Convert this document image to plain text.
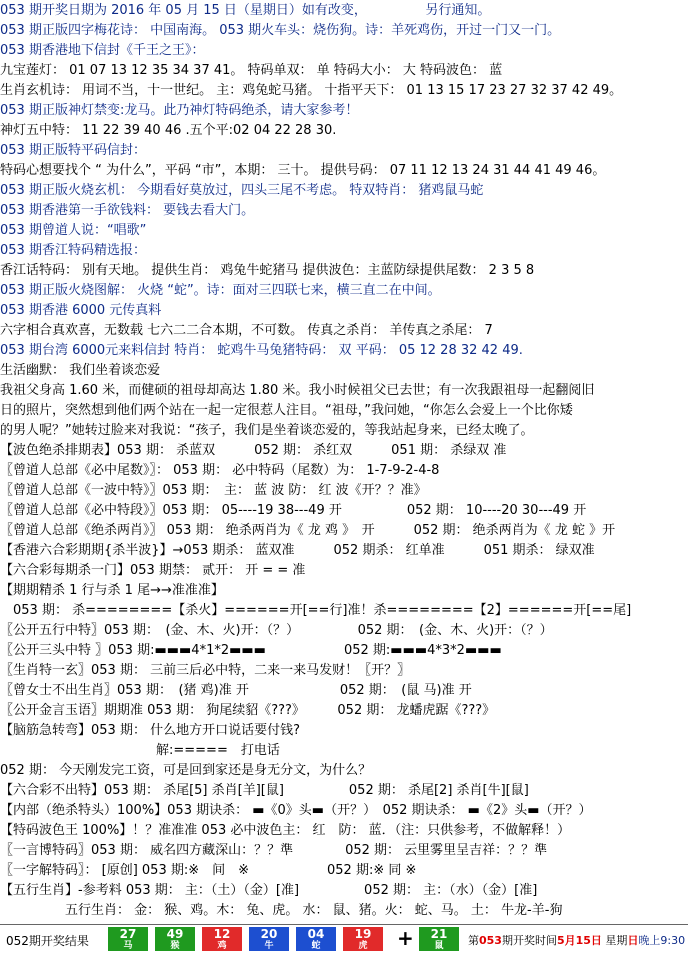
053 期开奖日期为 2016 年 05 月 15 日（星期日）如有改变，　　　　　另行通知。
053 期正版四字梅花诗： 中国南海。 053 期火车头：烧伤狗。诗：羊死鸡伤，开过一门又一门。
053 期香港地下信封《千王之王》：
九宝莲灯： 01 07 13 12 35 34 37 41。 特码单双： 单 特码大小： 大 特码波色： 蓝
生肖玄机诗： 用词不当，十一世纪。 主：鸡兔蛇马猪。 十指平天下： 01 13 15 17 23 27 32 37 42 49。
053 期正版神灯禁变:龙马。此乃神灯特码绝杀，请大家参考！
神灯五中特： 11 22 39 40 46 .五个平:02 04 22 28 30.
053 期正版特平码信封：
特码心想要找个 “ 为什么”，平码 “市”，本期： 三十。 提供号码： 07 11 12 13 24 31 44 41 49 46。
053 期正版火烧玄机： 今期看好莫放过，四头三尾不考虑。 特双特肖： 猪鸡鼠马蛇
053 期香港第一手欲钱料： 要钱去看大门。
053 期曾道人说：“唱歌”
053 期香江特码精选报：
香江话特码： 别有天地。 提供生肖： 鸡兔牛蛇猪马 提供波色：主蓝防绿提供尾数： 2 3 5 8
053 期正版火烧图解： 火烧 “蛇”。诗：面对三四联七来，横三直二在中间。
053 期香港 6000 元传真料
六字相合真欢喜，无数载 七六二二合本期，不可数。 传真之杀肖： 羊传真之杀尾： 7
053 期台湾 6000元来料信封 特肖： 蛇鸡牛马兔猪特码： 双 平码： 05 12 28 32 42 49.
生活幽默： 我们坐着谈恋爱
我祖父身高 1.60 米，而健硕的祖母却高达 1.80 米。我小时候祖父已去世；有一次我跟祖母一起翻阅旧
日的照片，突然想到他们两个站在一起一定很惹人注目。“祖母，”我问她，“你怎么会爱上一个比你矮
的男人呢？”她转过脸来对我说：“孩子，我们是坐着谈恋爱的，等我站起身来，已经太晚了。
【波色绝杀排期表】053 期： 杀蓝双　　　052 期： 杀红双　　　051 期： 杀绿双 准
〖曾道人总部《必中尾数》〗： 053 期： 必中特码（尾数）为： 1-7-9-2-4-8
〖曾道人总部《一波中特》〗053 期：　主： 蓝 波 防： 红 波《开？？准》
〖曾道人总部《必中特段》〗053 期： 05----19 38---49 开　　　　　052 期： 10----20 30---49 开
〖曾道人总部《绝杀两肖》〗 053 期： 绝杀两肖为《 龙 鸡 》　开　　　052 期： 绝杀两肖为《 龙 蛇 》开
【香港六合彩期期{杀半波}】→053 期杀： 蓝双准　　　052 期杀： 红单准　　　051 期杀： 绿双准
【六合彩每期杀一门】053 期禁： 贰开： 开 = = 准
【期期精杀 1 行与杀 1 尾→→准准准】
　053 期： 杀========【杀火】======开[==行]准！杀========【2】======开[==尾]
〖公开五行中特〗053 期：　(金、木、火)开：（？）　　　　　052 期：　(金、木、火)开：（？）
〖公开三头中特 〗053 期:▬▬▬4*1*2▬▬▬　　　　　　052 期:▬▬▬4*3*2▬▬▬
〖生肖特一玄〗053 期： 三前三后必中特，二来一来马发财！〖开？〗
〖曾女士不出生肖〗053 期：　(猪 鸡)准 开　　　　　　　052 期：　(鼠 马)准 开
〖公开金言玉语〗期期准 053 期： 狗尾续貂《???》　　　052 期： 龙蟠虎踞《???》
【脑筋急转弯】053 期： 什么地方开口说话要付钱?
　　　　　　　　　　　　解:=====　打电话
052 期： 今天刚发完工资，可是回到家还是身无分文，为什么？
【六合彩不出特】053 期： 杀尾[5] 杀肖[羊][鼠]　　　　　052 期： 杀尾[2] 杀肖[牛][鼠]
【内部（绝杀特头）100%】053 期诀杀： ▬《0》头▬（开？）　052 期诀杀： ▬《2》头▬（开？）
【特码波色王 100%】！？准准准 053 必中波色主： 红　防： 蓝．（注：只供参考，不做解释！）
〖一言博特码〗053 期： 威名四方藏深山：？？準　　　　052 期： 云里雾里呈吉祥：？？準
〖一字解特码〗： [原创] 053 期:※　间　※　　　　　　052 期:※ 同 ※
【五行生肖】-参考料 053 期： 主：（土）（金）[准]　　　　　052 期： 主：（水）（金）[准]
　　　　　五行生肖： 金： 猴、鸡。木： 兔、虎。 水： 鼠、猪。火： 蛇、马。 土： 牛龙-羊-狗
052期开奖结果	27
马
49
猴
12
鸡
20
牛
04
蛇
19
虎	+	21
鼠	第053期开奖时间5月15日 星期日晚上9:30
